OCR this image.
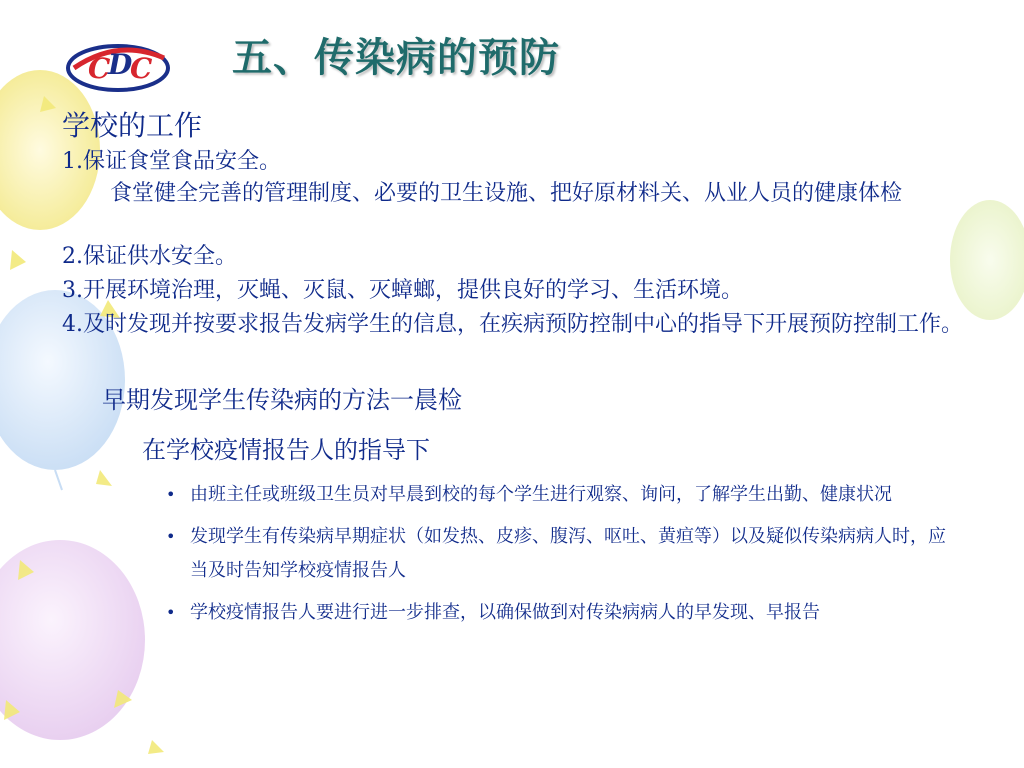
C
D
C 五、传染病的预防

学校的工作

1.保证食堂食品安全。

食堂健全完善的管理制度、必要的卫生设施、把好原材料关、从业人员的健康体检

2.保证供水安全。

3.开展环境治理，灭蝇、灭鼠、灭蟑螂，提供良好的学习、生活环境。

4.及时发现并按要求报告发病学生的信息，在疾病预防控制中心的指导下开展预防控制工作。

早期发现学生传染病的方法一晨检

在学校疫情报告人的指导下

• 由班主任或班级卫生员对早晨到校的每个学生进行观察、询问，了解学生出勤、健康状况
• 发现学生有传染病早期症状（如发热、皮疹、腹泻、呕吐、黄疸等）以及疑似传染病病人时，应当及时告知学校疫情报告人
• 学校疫情报告人要进行进一步排查，以确保做到对传染病病人的早发现、早报告
